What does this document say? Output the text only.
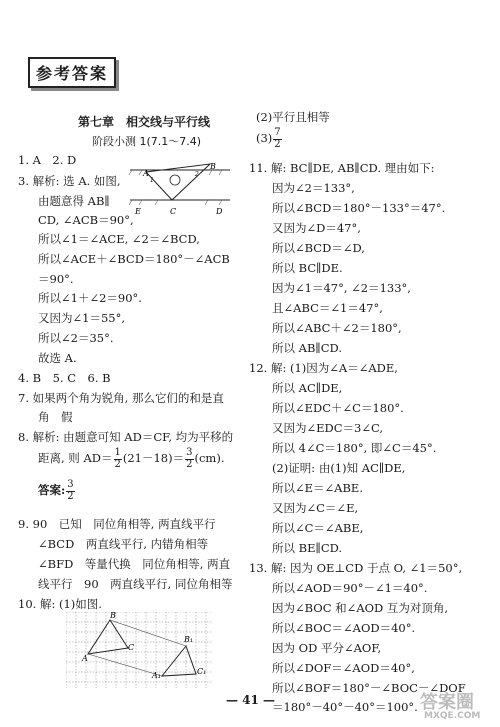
参考答案
第七章　相交线与平行线
阶段小测 1(7.1～7.4)
1. A　2. D
3. 解析: 选 A. 如图,
由题意得 AB∥
CD, ∠ACB＝90°,
A
B
1
2
E	C	D
所以∠1＝∠ACE, ∠2＝∠BCD,
所以∠ACE＋∠BCD＝180°－∠ACB
＝90°.
所以∠1＋∠2＝90°.
又因为∠1＝55°,
所以∠2＝35°.
故选 A.
4. B　5. C　6. B
7. 如果两个角为锐角, 那么它们的和是直
角　假
8. 解析: 由题意可知 AD＝CF, 均为平移的
距离, 则 $AD= \frac{1}{2} (21-18)= \frac{3}{2} (cm)$.
答案: $\frac{3}{2}$
9. 90　已知　同位角相等, 两直线平行
∠BCD　两直线平行, 内错角相等
∠BFD　等量代换　同位角相等, 两直
线平行　90　两直线平行, 同位角相等
10. 解: (1)如图.
B
A
C
B₁
A₁	C₁
(2)平行且相等
$(3) \frac{7}{2}$
11. 解: BC∥DE, AB∥CD. 理由如下:
因为∠2＝133°,
所以∠BCD＝180°－133°＝47°.
又因为∠D＝47°,
所以∠BCD＝∠D,
所以 BC∥DE.
因为∠1＝47°, ∠2＝133°,
且∠ABC＝∠1＝47°,
所以∠ABC＋∠2＝180°,
所以 AB∥CD.
12. 解: (1)因为∠A＝∠ADE,
所以 AC∥DE,
所以∠EDC＋∠C＝180°.
又因为∠EDC＝3∠C,
所以 4∠C＝180°, 即∠C＝45°.
(2)证明: 由(1)知 AC∥DE,
所以∠E＝∠ABE.
又因为∠C＝∠E,
所以∠C＝∠ABE,
所以 BE∥CD.
13. 解: 因为 OE⊥CD 于点 O, ∠1＝50°,
所以∠AOD＝90°－∠1＝40°.
因为∠BOC 和∠AOD 互为对顶角,
所以∠BOC＝∠AOD＝40°.
因为 OD 平分∠AOF,
所以∠DOF＝∠AOD＝40°,
所以∠BOF＝180°－∠BOC－∠DOF
＝180°－40°－40°＝100°.
— 41 —	答案圈
MXQE.COM
